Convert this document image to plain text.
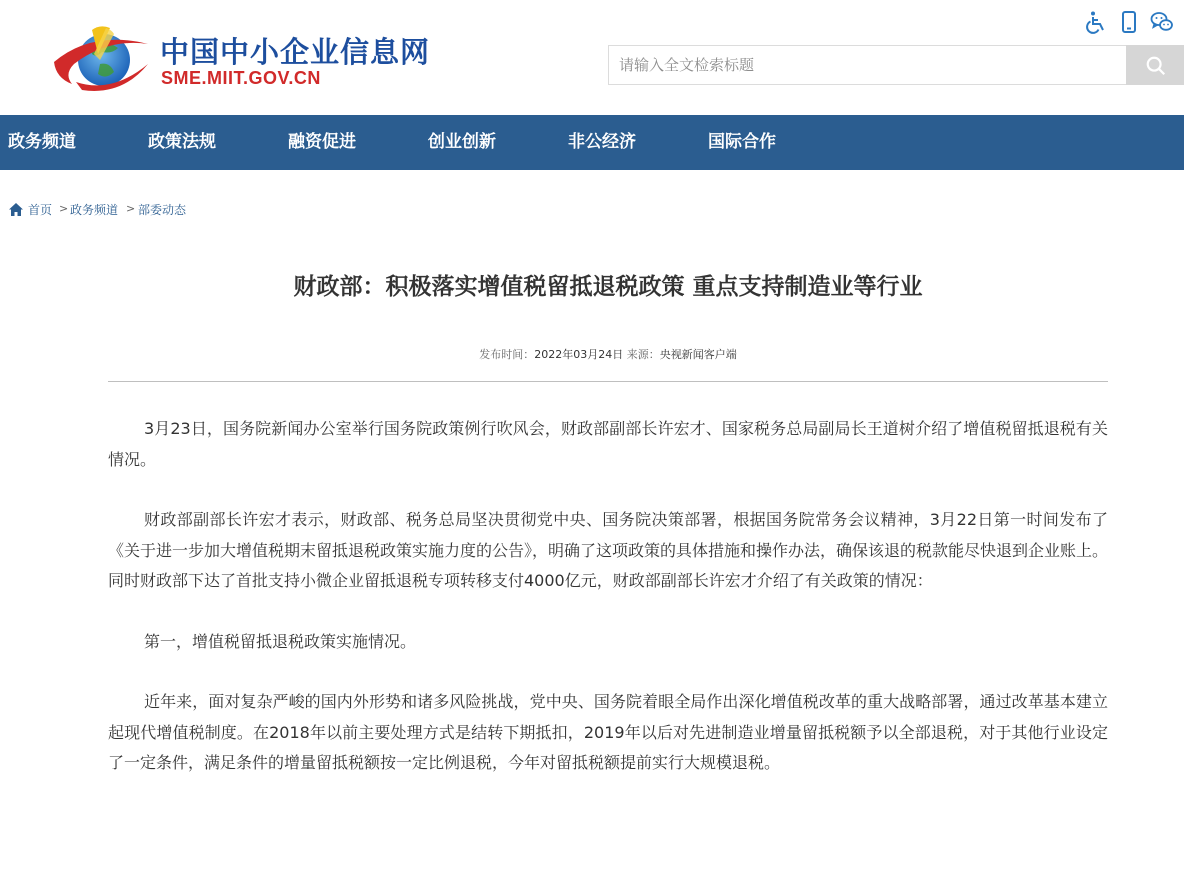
中国中小企业信息网
SME.MIIT.GOV.CN
请输入全文检索标题
政务频道	政策法规	融资促进	创业创新	非公经济	国际合作
首页 > 政务频道 > 部委动态
财政部：积极落实增值税留抵退税政策 重点支持制造业等行业
发布时间：2022年03月24日 来源：央视新闻客户端

3月23日，国务院新闻办公室举行国务院政策例行吹风会，财政部副部长许宏才、国家税务总局副局长王道树介绍了增值税留抵退税有关情况。

财政部副部长许宏才表示，财政部、税务总局坚决贯彻党中央、国务院决策部署，根据国务院常务会议精神，3月22日第一时间发布了《关于进一步加大增值税期末留抵退税政策实施力度的公告》，明确了这项政策的具体措施和操作办法，确保该退的税款能尽快退到企业账上。同时财政部下达了首批支持小微企业留抵退税专项转移支付4000亿元，财政部副部长许宏才介绍了有关政策的情况：

第一，增值税留抵退税政策实施情况。

近年来，面对复杂严峻的国内外形势和诸多风险挑战，党中央、国务院着眼全局作出深化增值税改革的重大战略部署，通过改革基本建立起现代增值税制度。在2018年以前主要处理方式是结转下期抵扣，2019年以后对先进制造业增量留抵税额予以全部退税，对于其他行业设定了一定条件，满足条件的增量留抵税额按一定比例退税，今年对留抵税额提前实行大规模退税。
